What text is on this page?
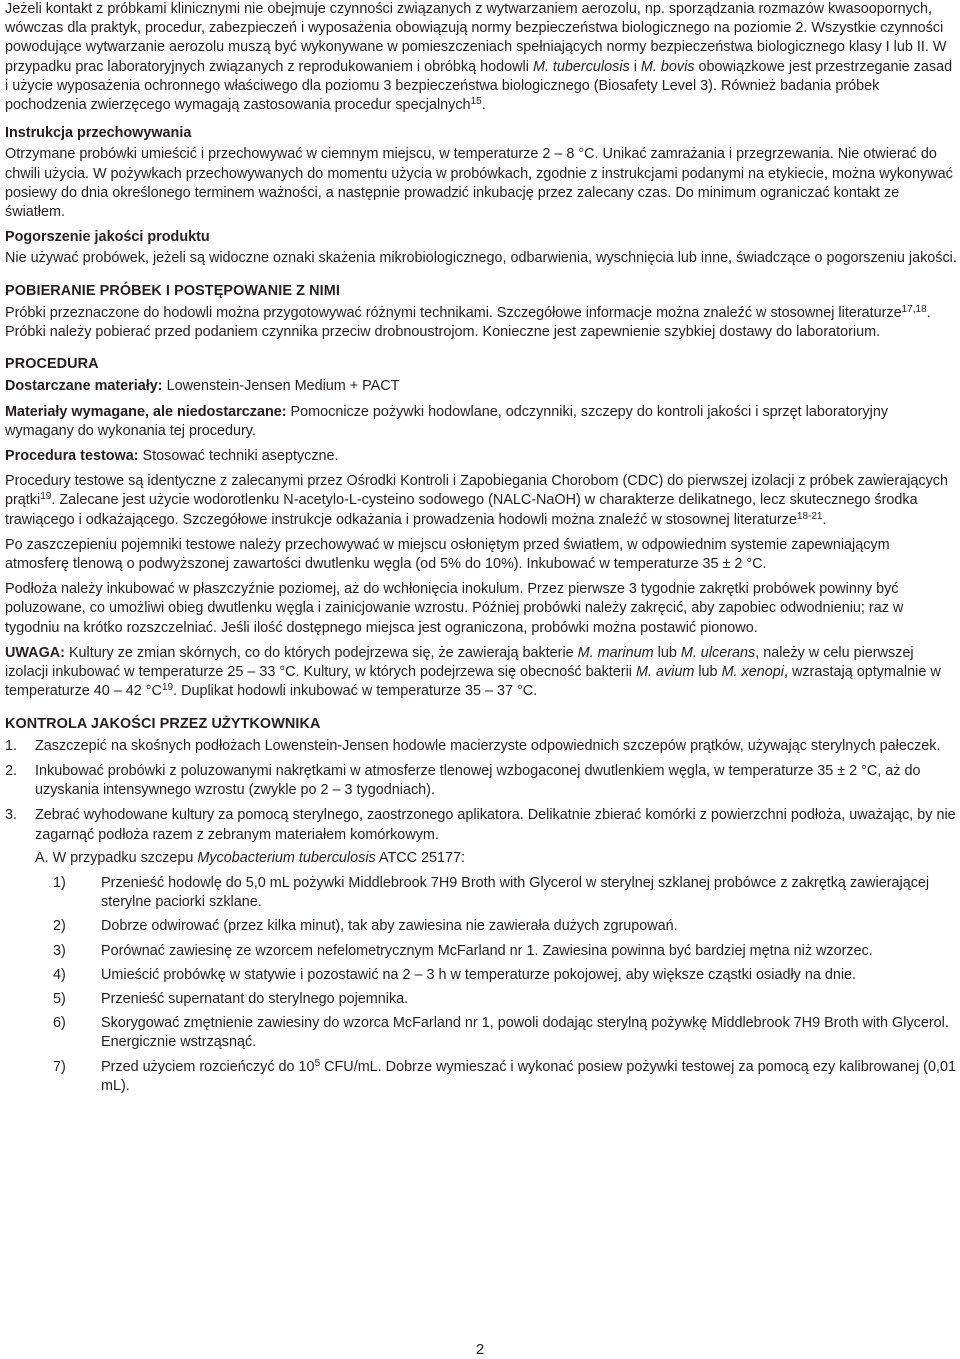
Jeżeli kontakt z próbkami klinicznymi nie obejmuje czynności związanych z wytwarzaniem aerozolu, np. sporządzania rozmazów kwasoopornych, wówczas dla praktyk, procedur, zabezpieczeń i wyposażenia obowiązują normy bezpieczeństwa biologicznego na poziomie 2. Wszystkie czynności powodujące wytwarzanie aerozolu muszą być wykonywane w pomieszczeniach spełniających normy bezpieczeństwa biologicznego klasy I lub II. W przypadku prac laboratoryjnych związanych z reprodukowaniem i obróbką hodowli M. tuberculosis i M. bovis obowiązkowe jest przestrzeganie zasad i użycie wyposażenia ochronnego właściwego dla poziomu 3 bezpieczeństwa biologicznego (Biosafety Level 3). Również badania próbek pochodzenia zwierzęcego wymagają zastosowania procedur specjalnych$^{15}$.

Instrukcja przechowywania

Otrzymane probówki umieścić i przechowywać w ciemnym miejscu, w temperaturze 2 – 8 °C. Unikać zamrażania i przegrzewania. Nie otwierać do chwili użycia. W pożywkach przechowywanych do momentu użycia w probówkach, zgodnie z instrukcjami podanymi na etykiecie, można wykonywać posiewy do dnia określonego terminem ważności, a następnie prowadzić inkubację przez zalecany czas. Do minimum ograniczać kontakt ze światłem.

Pogorszenie jakości produktu

Nie używać probówek, jeżeli są widoczne oznaki skażenia mikrobiologicznego, odbarwienia, wyschnięcia lub inne, świadczące o pogorszeniu jakości.

POBIERANIE PRÓBEK I POSTĘPOWANIE Z NIMI

Próbki przeznaczone do hodowli można przygotowywać różnymi technikami. Szczegółowe informacje można znaleźć w stosownej literaturze$^{17,18}$. Próbki należy pobierać przed podaniem czynnika przeciw drobnoustrojom. Konieczne jest zapewnienie szybkiej dostawy do laboratorium.

PROCEDURA

Dostarczane materiały: Lowenstein-Jensen Medium + PACT

Materiały wymagane, ale niedostarczane: Pomocnicze pożywki hodowlane, odczynniki, szczepy do kontroli jakości i sprzęt laboratoryjny wymagany do wykonania tej procedury.

Procedura testowa: Stosować techniki aseptyczne.

Procedury testowe są identyczne z zalecanymi przez Ośrodki Kontroli i Zapobiegania Chorobom (CDC) do pierwszej izolacji z próbek zawierających prątki$^{19}$. Zalecane jest użycie wodorotlenku N-acetylo-L-cysteino sodowego (NALC-NaOH) w charakterze delikatnego, lecz skutecznego środka trawiącego i odkażającego. Szczegółowe instrukcje odkażania i prowadzenia hodowli można znaleźć w stosownej literaturze$^{18-21}$.

Po zaszczepieniu pojemniki testowe należy przechowywać w miejscu osłoniętym przed światłem, w odpowiednim systemie zapewniającym atmosferę tlenową o podwyższonej zawartości dwutlenku węgla (od 5% do 10%). Inkubować w temperaturze 35 ± 2 °C.

Podłoża należy inkubować w płaszczyźnie poziomej, aż do wchłonięcia inokulum. Przez pierwsze 3 tygodnie zakrętki probówek powinny być poluzowane, co umożliwi obieg dwutlenku węgla i zainicjowanie wzrostu. Później probówki należy zakręcić, aby zapobiec odwodnieniu; raz w tygodniu na krótko rozszczelniać. Jeśli ilość dostępnego miejsca jest ograniczona, probówki można postawić pionowo.

UWAGA: Kultury ze zmian skórnych, co do których podejrzewa się, że zawierają bakterie M. marinum lub M. ulcerans, należy w celu pierwszej izolacji inkubować w temperaturze 25 – 33 °C. Kultury, w których podejrzewa się obecność bakterii M. avium lub M. xenopi, wzrastają optymalnie w temperaturze 40 – 42 $^\circ C^{19}$. Duplikat hodowli inkubować w temperaturze 35 – 37 °C.

KONTROLA JAKOŚCI PRZEZ UŻYTKOWNIKA
1. Zaszczepić na skośnych podłożach Lowenstein-Jensen hodowle macierzyste odpowiednich szczepów prątków, używając sterylnych pałeczek.
2. Inkubować probówki z poluzowanymi nakrętkami w atmosferze tlenowej wzbogaconej dwutlenkiem węgla, w temperaturze 35 ± 2 °C, aż do uzyskania intensywnego wzrostu (zwykle po 2 – 3 tygodniach).
3. Zebrać wyhodowane kultury za pomocą sterylnego, zaostrzonego aplikatora. Delikatnie zbierać komórki z powierzchni podłoża, uważając, by nie zagarnąć podłoża razem z zebranym materiałem komórkowym.
A. W przypadku szczepu Mycobacterium tuberculosis ATCC 25177:
1) Przenieść hodowlę do 5,0 mL pożywki Middlebrook 7H9 Broth with Glycerol w sterylnej szklanej probówce z zakrętką zawierającej sterylne paciorki szklane.
2) Dobrze odwirować (przez kilka minut), tak aby zawiesina nie zawierała dużych zgrupowań.
3) Porównać zawiesinę ze wzorcem nefelometrycznym McFarland nr 1. Zawiesina powinna być bardziej mętna niż wzorzec.
4) Umieścić probówkę w statywie i pozostawić na 2 – 3 h w temperaturze pokojowej, aby większe cząstki osiadły na dnie.
5) Przenieść supernatant do sterylnego pojemnika.
6) Skorygować zmętnienie zawiesiny do wzorca McFarland nr 1, powoli dodając sterylną pożywkę Middlebrook 7H9 Broth with Glycerol. Energicznie wstrząsnąć.
7) Przed użyciem rozcieńczyć do $10^5$ CFU/mL. Dobrze wymieszać i wykonać posiew pożywki testowej za pomocą ezy kalibrowanej (0,01 mL).
2
